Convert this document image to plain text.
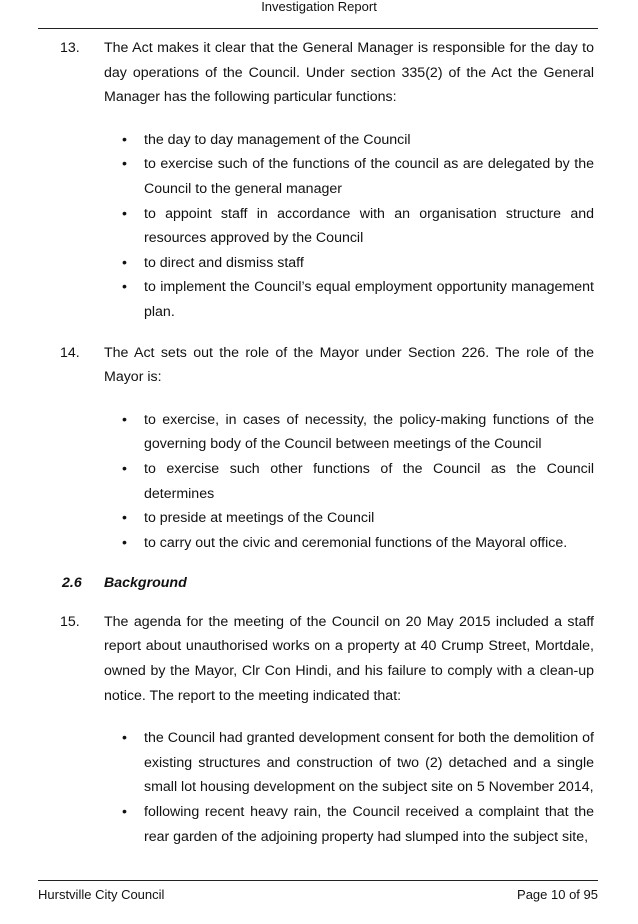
Investigation Report
13.	The Act makes it clear that the General Manager is responsible for the day to day operations of the Council. Under section 335(2) of the Act the General Manager has the following particular functions:
• the day to day management of the Council
• to exercise such of the functions of the council as are delegated by the Council to the general manager
• to appoint staff in accordance with an organisation structure and resources approved by the Council
• to direct and dismiss staff
• to implement the Council’s equal employment opportunity management plan.
14.	The Act sets out the role of the Mayor under Section 226. The role of the Mayor is:
• to exercise, in cases of necessity, the policy-making functions of the governing body of the Council between meetings of the Council
• to exercise such other functions of the Council as the Council determines
• to preside at meetings of the Council
• to carry out the civic and ceremonial functions of the Mayoral office.
2.6	Background
15.	The agenda for the meeting of the Council on 20 May 2015 included a staff report about unauthorised works on a property at 40 Crump Street, Mortdale, owned by the Mayor, Clr Con Hindi, and his failure to comply with a clean-up notice. The report to the meeting indicated that:
• the Council had granted development consent for both the demolition of existing structures and construction of two (2) detached and a single small lot housing development on the subject site on 5 November 2014,
• following recent heavy rain, the Council received a complaint that the rear garden of the adjoining property had slumped into the subject site,
Hurstville City Council	Page 10 of 95
